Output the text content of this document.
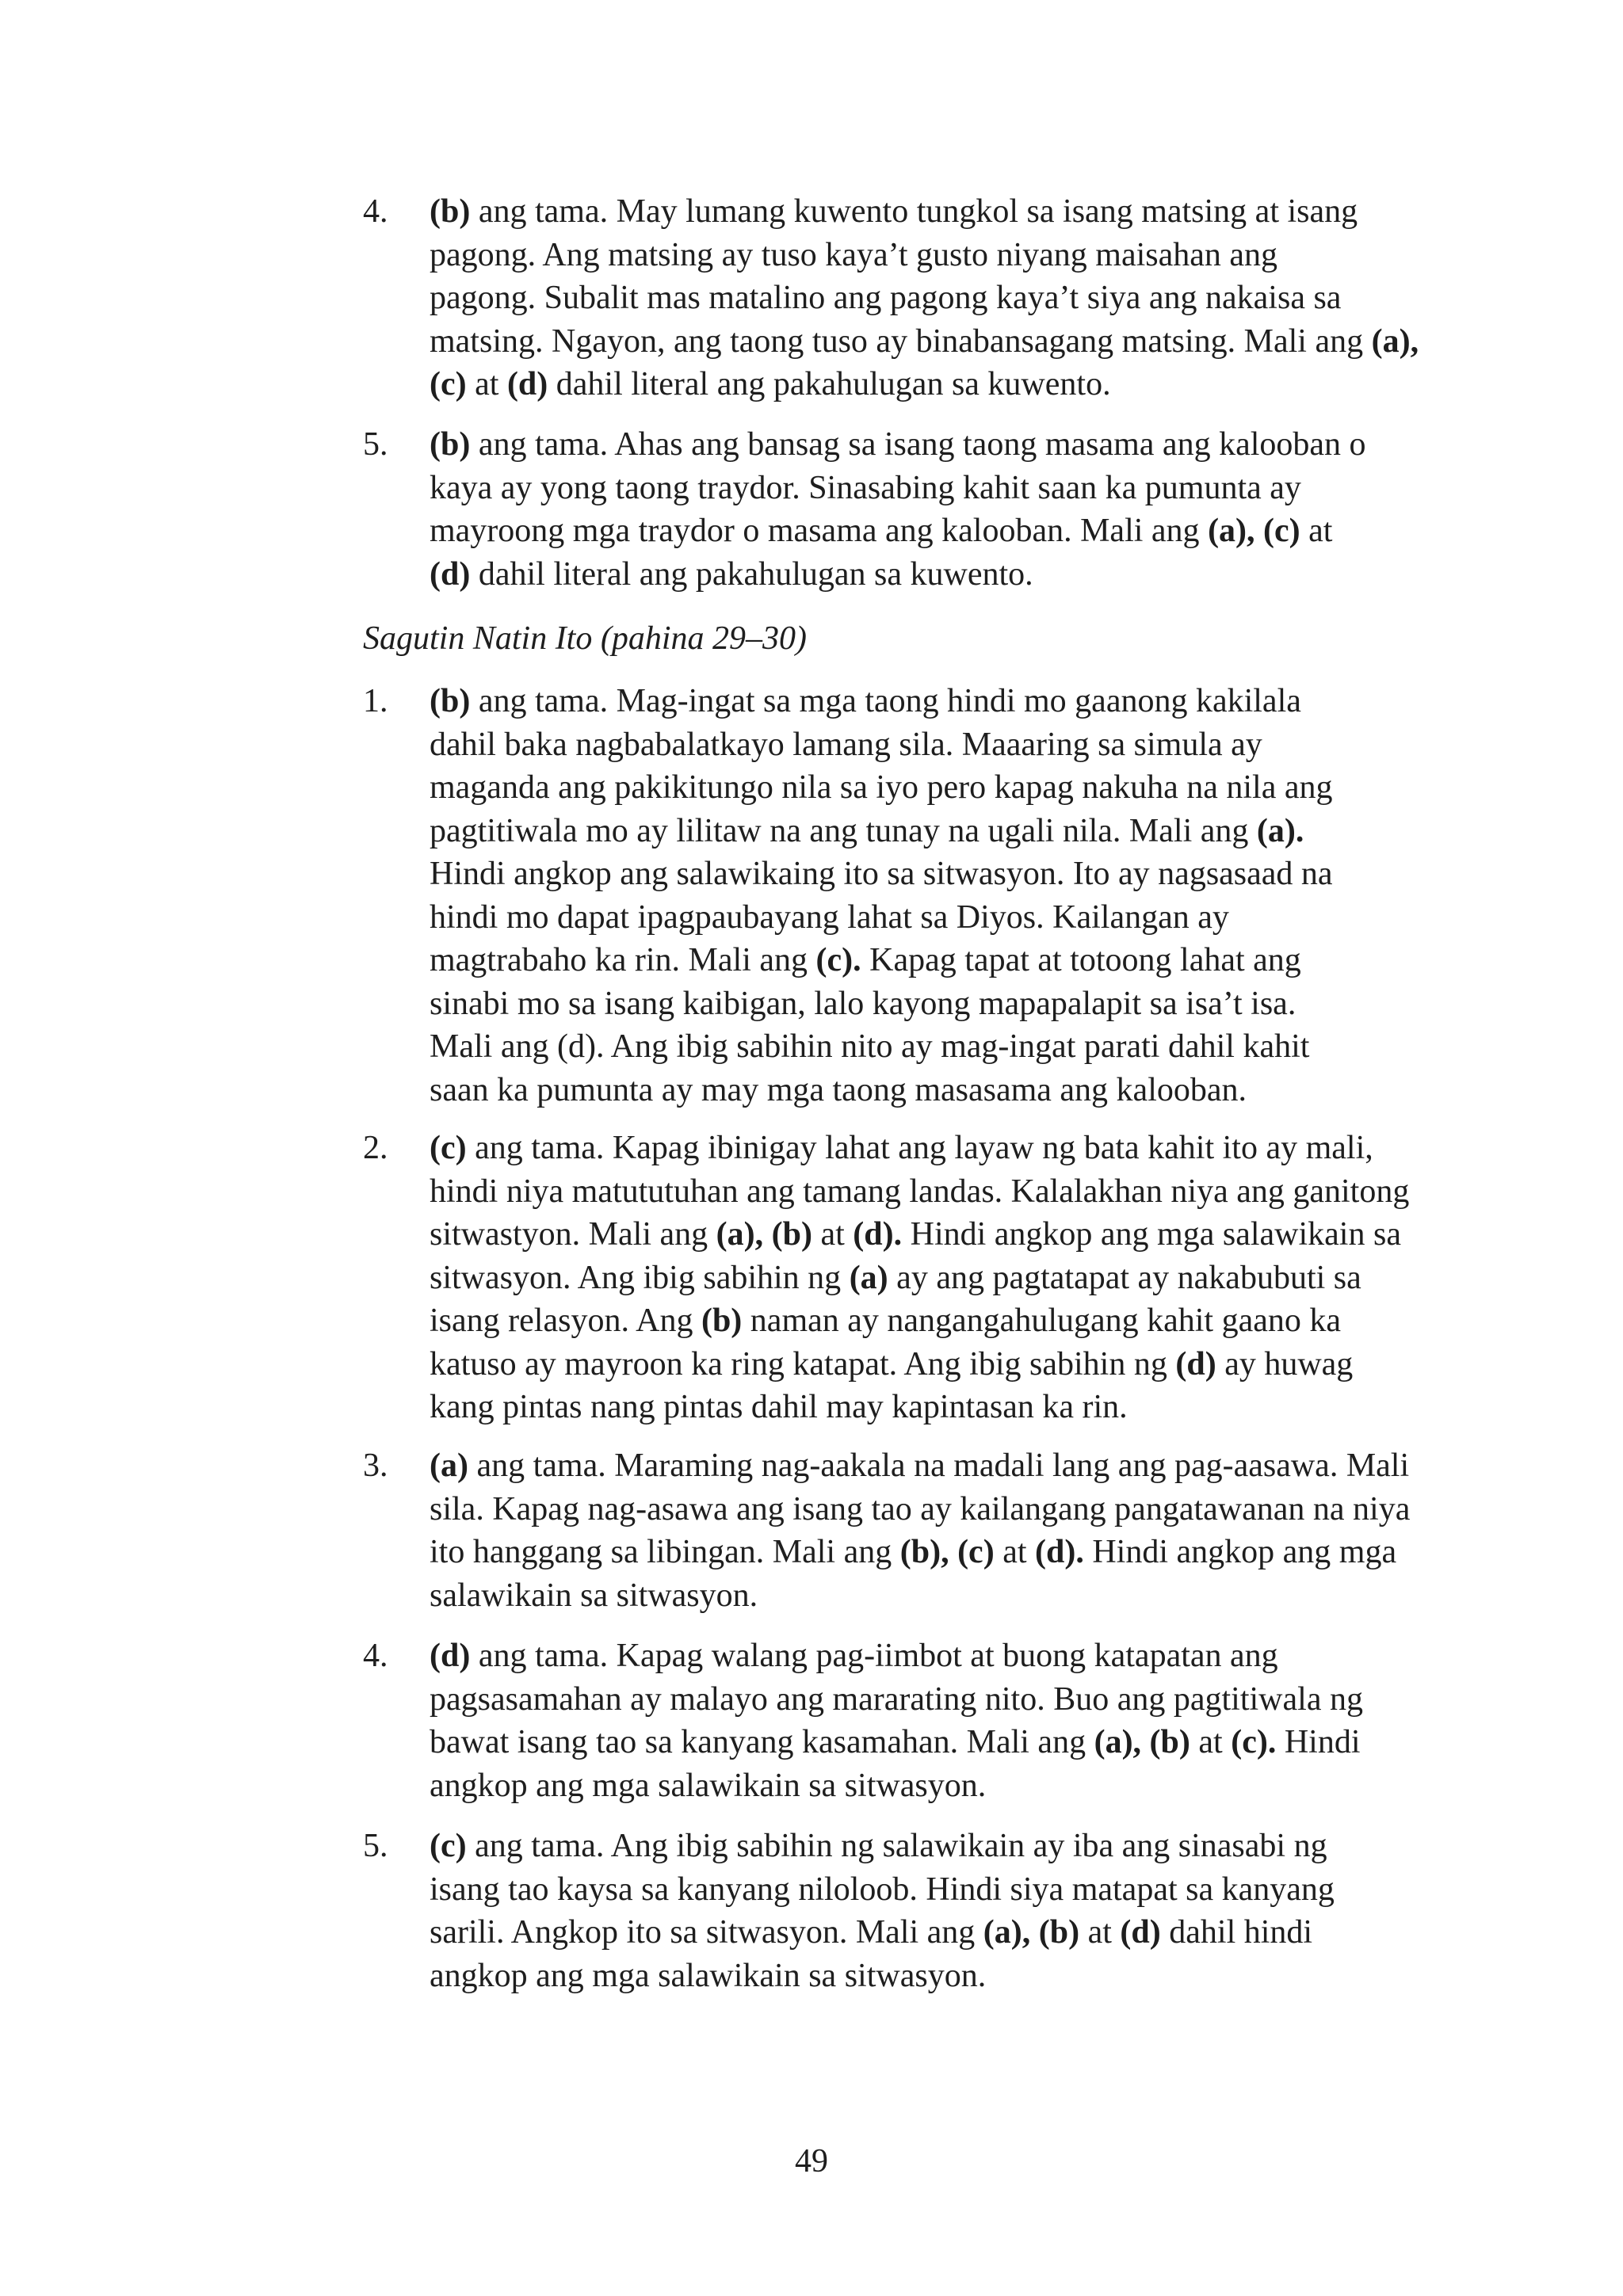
4. (b) ang tama. May lumang kuwento tungkol sa isang matsing at isang
pagong. Ang matsing ay tuso kaya’t gusto niyang maisahan ang
pagong. Subalit mas matalino ang pagong kaya’t siya ang nakaisa sa
matsing. Ngayon, ang taong tuso ay binabansagang matsing. Mali ang (a),
(c) at (d) dahil literal ang pakahulugan sa kuwento.
5. (b) ang tama. Ahas ang bansag sa isang taong masama ang kalooban o
kaya ay yong taong traydor. Sinasabing kahit saan ka pumunta ay
mayroong mga traydor o masama ang kalooban. Mali ang (a), (c) at
(d) dahil literal ang pakahulugan sa kuwento.
Sagutin Natin Ito (pahina 29–30)
1. (b) ang tama. Mag-ingat sa mga taong hindi mo gaanong kakilala
dahil baka nagbabalatkayo lamang sila. Maaaring sa simula ay
maganda ang pakikitungo nila sa iyo pero kapag nakuha na nila ang
pagtitiwala mo ay lilitaw na ang tunay na ugali nila. Mali ang (a).
Hindi angkop ang salawikaing ito sa sitwasyon. Ito ay nagsasaad na
hindi mo dapat ipagpaubayang lahat sa Diyos. Kailangan ay
magtrabaho ka rin. Mali ang (c). Kapag tapat at totoong lahat ang
sinabi mo sa isang kaibigan, lalo kayong mapapalapit sa isa’t isa.
Mali ang (d). Ang ibig sabihin nito ay mag-ingat parati dahil kahit
saan ka pumunta ay may mga taong masasama ang kalooban.
2. (c) ang tama. Kapag ibinigay lahat ang layaw ng bata kahit ito ay mali,
hindi niya matututuhan ang tamang landas. Kalalakhan niya ang ganitong
sitwastyon. Mali ang (a), (b) at (d). Hindi angkop ang mga salawikain sa
sitwasyon. Ang ibig sabihin ng (a) ay ang pagtatapat ay nakabubuti sa
isang relasyon. Ang (b) naman ay nangangahulugang kahit gaano ka
katuso ay mayroon ka ring katapat. Ang ibig sabihin ng (d) ay huwag
kang pintas nang pintas dahil may kapintasan ka rin.
3. (a) ang tama. Maraming nag-aakala na madali lang ang pag-aasawa. Mali
sila. Kapag nag-asawa ang isang tao ay kailangang pangatawanan na niya
ito hanggang sa libingan. Mali ang (b), (c) at (d). Hindi angkop ang mga
salawikain sa sitwasyon.
4. (d) ang tama. Kapag walang pag-iimbot at buong katapatan ang
pagsasamahan ay malayo ang mararating nito. Buo ang pagtitiwala ng
bawat isang tao sa kanyang kasamahan. Mali ang (a), (b) at (c). Hindi
angkop ang mga salawikain sa sitwasyon.
5. (c) ang tama. Ang ibig sabihin ng salawikain ay iba ang sinasabi ng
isang tao kaysa sa kanyang niloloob. Hindi siya matapat sa kanyang
sarili. Angkop ito sa sitwasyon. Mali ang (a), (b) at (d) dahil hindi
angkop ang mga salawikain sa sitwasyon.
49
